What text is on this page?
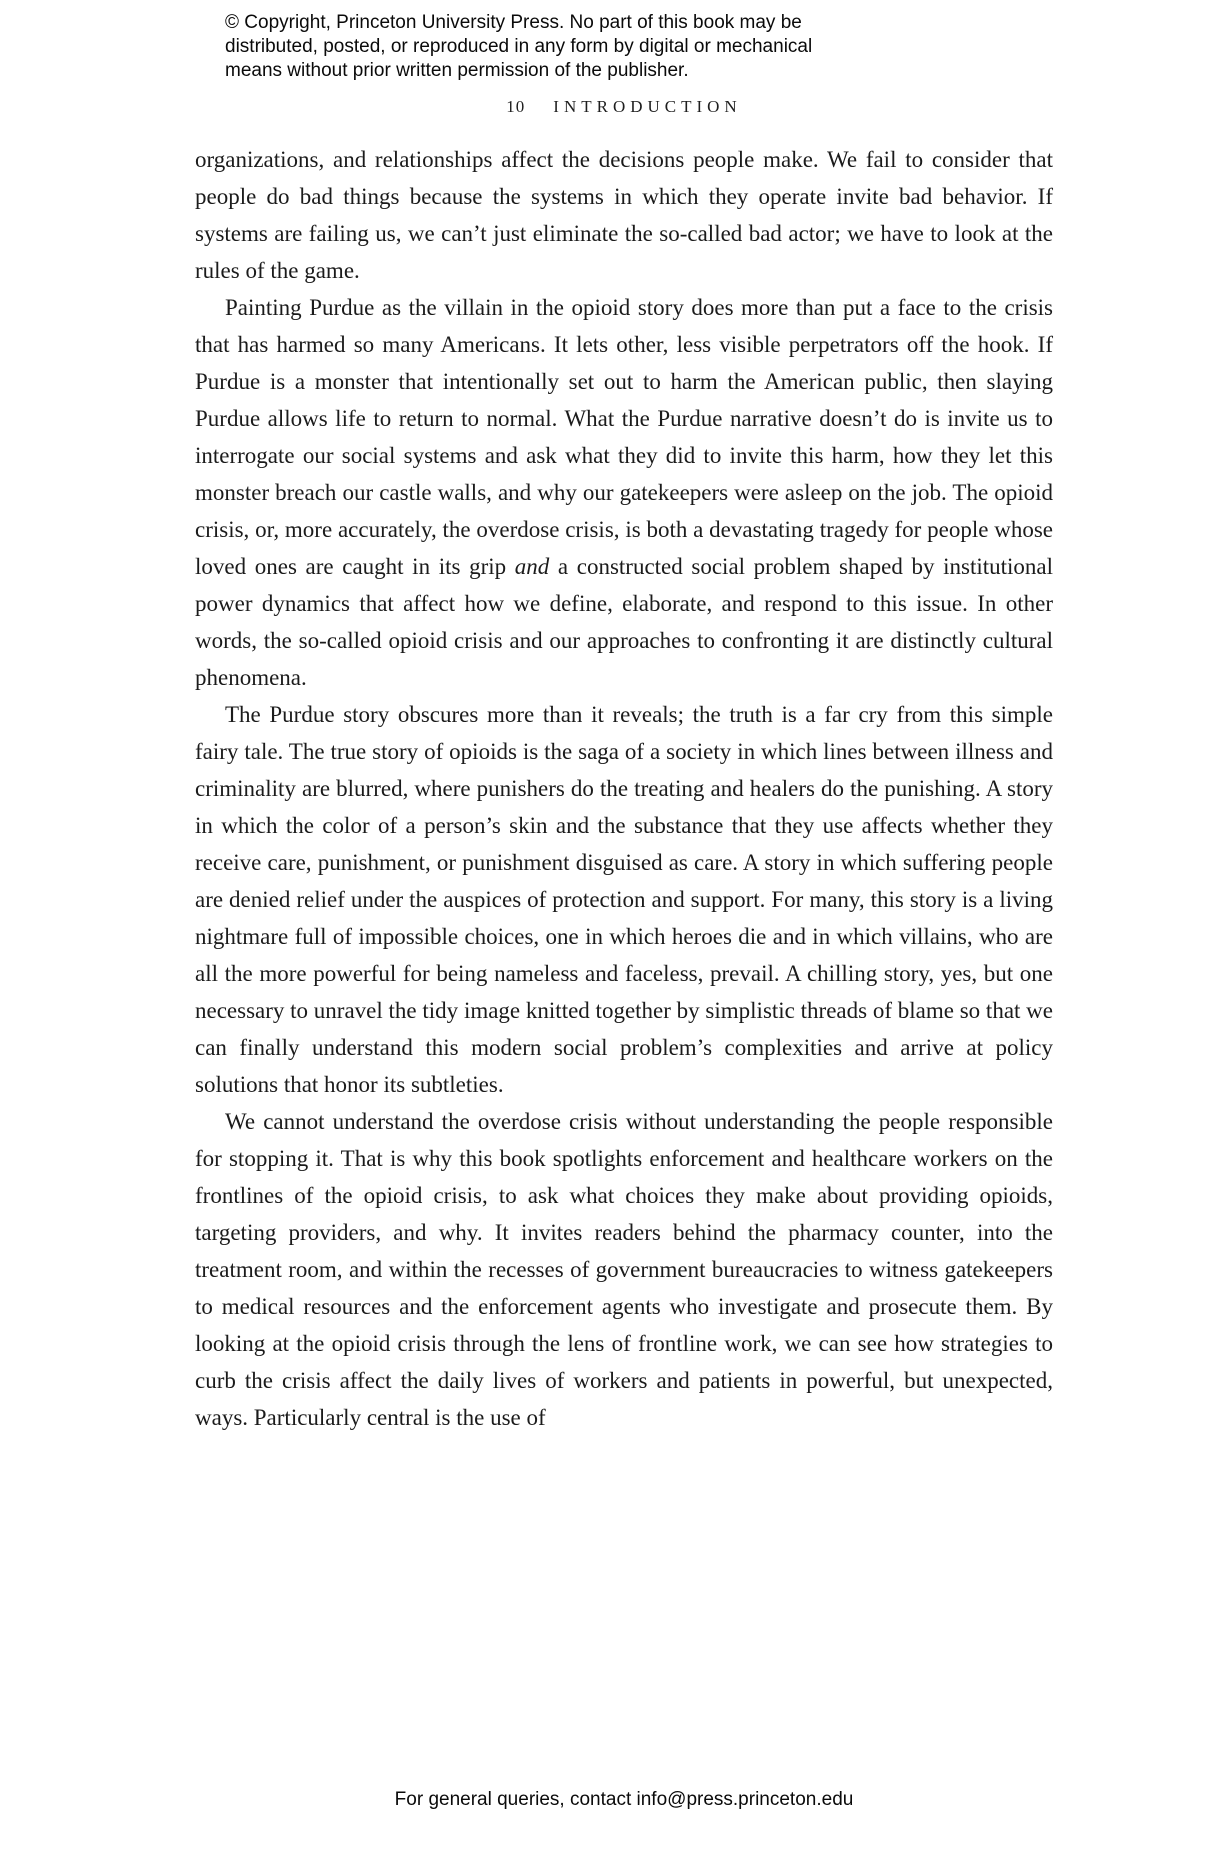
© Copyright, Princeton University Press. No part of this book may be
distributed, posted, or reproduced in any form by digital or mechanical
means without prior written permission of the publisher.
10 INTRODUCTION

organizations, and relationships affect the decisions people make. We fail to consider that people do bad things because the systems in which they operate invite bad behavior. If systems are failing us, we can’t just eliminate the so-called bad actor; we have to look at the rules of the game.

Painting Purdue as the villain in the opioid story does more than put a face to the crisis that has harmed so many Americans. It lets other, less visible perpetrators off the hook. If Purdue is a monster that intentionally set out to harm the American public, then slaying Purdue allows life to return to normal. What the Purdue narrative doesn’t do is invite us to interrogate our social systems and ask what they did to invite this harm, how they let this monster breach our castle walls, and why our gatekeepers were asleep on the job. The opioid crisis, or, more accurately, the overdose crisis, is both a devastating tragedy for people whose loved ones are caught in its grip and a constructed social problem shaped by institutional power dynamics that affect how we define, elaborate, and respond to this issue. In other words, the so-called opioid crisis and our approaches to confronting it are distinctly cultural phenomena.

The Purdue story obscures more than it reveals; the truth is a far cry from this simple fairy tale. The true story of opioids is the saga of a society in which lines between illness and criminality are blurred, where punishers do the treating and healers do the punishing. A story in which the color of a person’s skin and the substance that they use affects whether they receive care, punishment, or punishment disguised as care. A story in which suffering people are denied relief under the auspices of protection and support. For many, this story is a living nightmare full of impossible choices, one in which heroes die and in which villains, who are all the more powerful for being nameless and faceless, prevail. A chilling story, yes, but one necessary to unravel the tidy image knitted together by simplistic threads of blame so that we can finally understand this modern social problem’s complexities and arrive at policy solutions that honor its subtleties.

We cannot understand the overdose crisis without understanding the people responsible for stopping it. That is why this book spotlights enforcement and healthcare workers on the frontlines of the opioid crisis, to ask what choices they make about providing opioids, targeting providers, and why. It invites readers behind the pharmacy counter, into the treatment room, and within the recesses of government bureaucracies to witness gatekeepers to medical resources and the enforcement agents who investigate and prosecute them. By looking at the opioid crisis through the lens of frontline work, we can see how strategies to curb the crisis affect the daily lives of workers and patients in powerful, but unexpected, ways. Particularly central is the use of

For general queries, contact info@press.princeton.edu
